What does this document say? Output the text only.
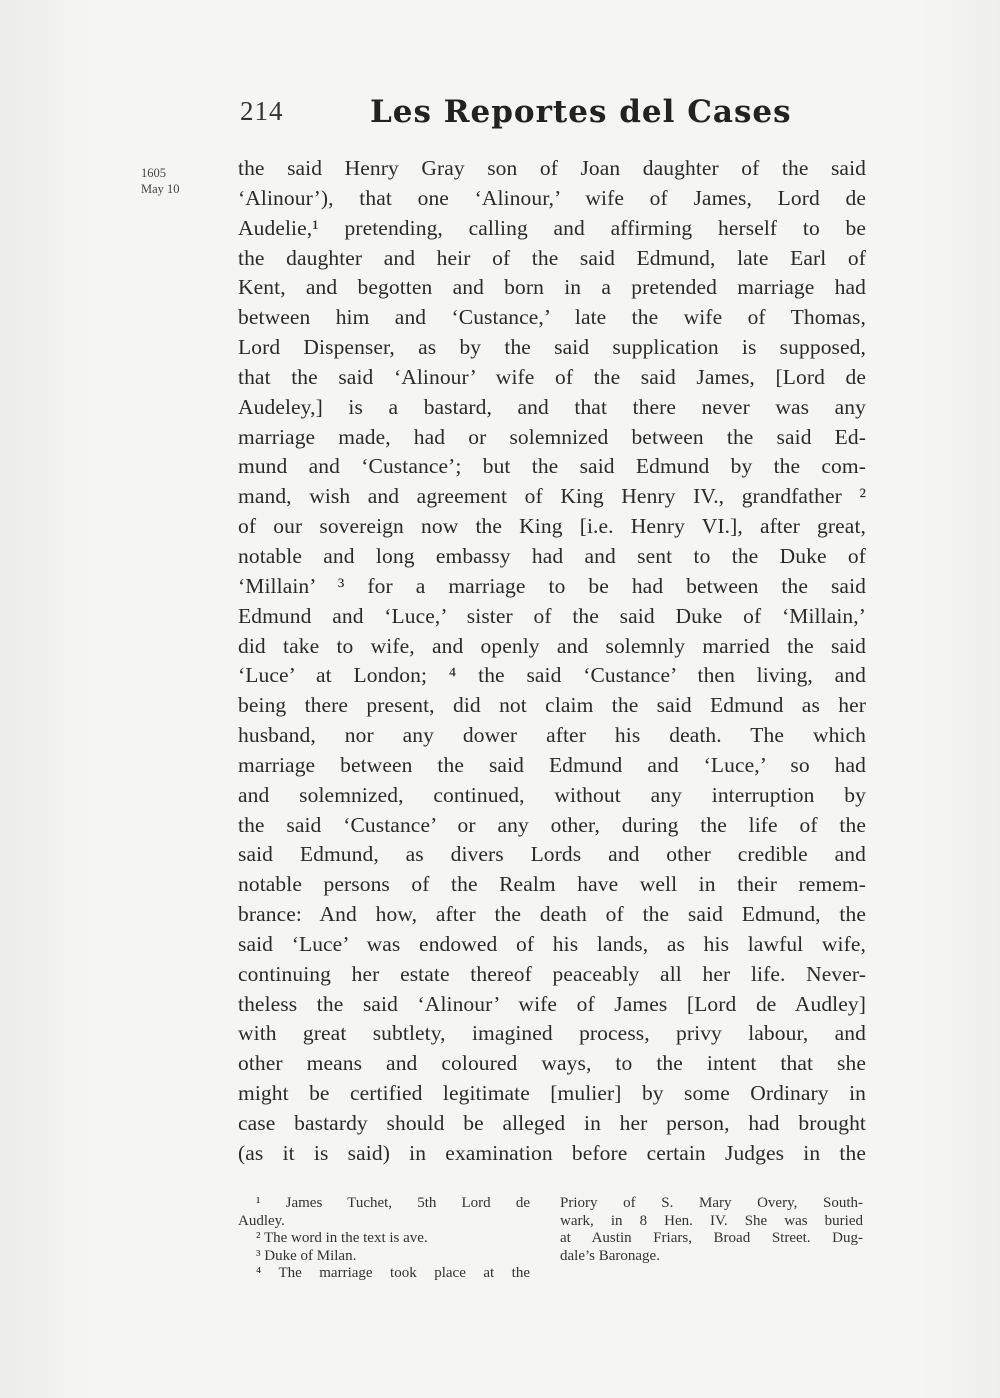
214	Les Reportes del Cases
1605
May 10
the said Henry Gray son of Joan daughter of the said
‘Alinour’), that one ‘Alinour,’ wife of James, Lord de
Audelie,¹ pretending, calling and affirming herself to be
the daughter and heir of the said Edmund, late Earl of
Kent, and begotten and born in a pretended marriage had
between him and ‘Custance,’ late the wife of Thomas,
Lord Dispenser, as by the said supplication is supposed,
that the said ‘Alinour’ wife of the said James, [Lord de
Audeley,] is a bastard, and that there never was any
marriage made, had or solemnized between the said Ed-
mund and ‘Custance’; but the said Edmund by the com-
mand, wish and agreement of King Henry IV., grandfather ²
of our sovereign now the King [i.e. Henry VI.], after great,
notable and long embassy had and sent to the Duke of
‘Millain’ ³ for a marriage to be had between the said
Edmund and ‘Luce,’ sister of the said Duke of ‘Millain,’
did take to wife, and openly and solemnly married the said
‘Luce’ at London; ⁴ the said ‘Custance’ then living, and
being there present, did not claim the said Edmund as her
husband, nor any dower after his death. The which
marriage between the said Edmund and ‘Luce,’ so had
and solemnized, continued, without any interruption by
the said ‘Custance’ or any other, during the life of the
said Edmund, as divers Lords and other credible and
notable persons of the Realm have well in their remem-
brance: And how, after the death of the said Edmund, the
said ‘Luce’ was endowed of his lands, as his lawful wife,
continuing her estate thereof peaceably all her life. Never-
theless the said ‘Alinour’ wife of James [Lord de Audley]
with great subtlety, imagined process, privy labour, and
other means and coloured ways, to the intent that she
might be certified legitimate [mulier] by some Ordinary in
case bastardy should be alleged in her person, had brought
(as it is said) in examination before certain Judges in the
¹ James Tuchet, 5th Lord de
Audley.
² The word in the text is ave.
³ Duke of Milan.
⁴ The marriage took place at the
Priory of S. Mary Overy, South-
wark, in 8 Hen. IV. She was buried
at Austin Friars, Broad Street. Dug-
dale’s Baronage.
